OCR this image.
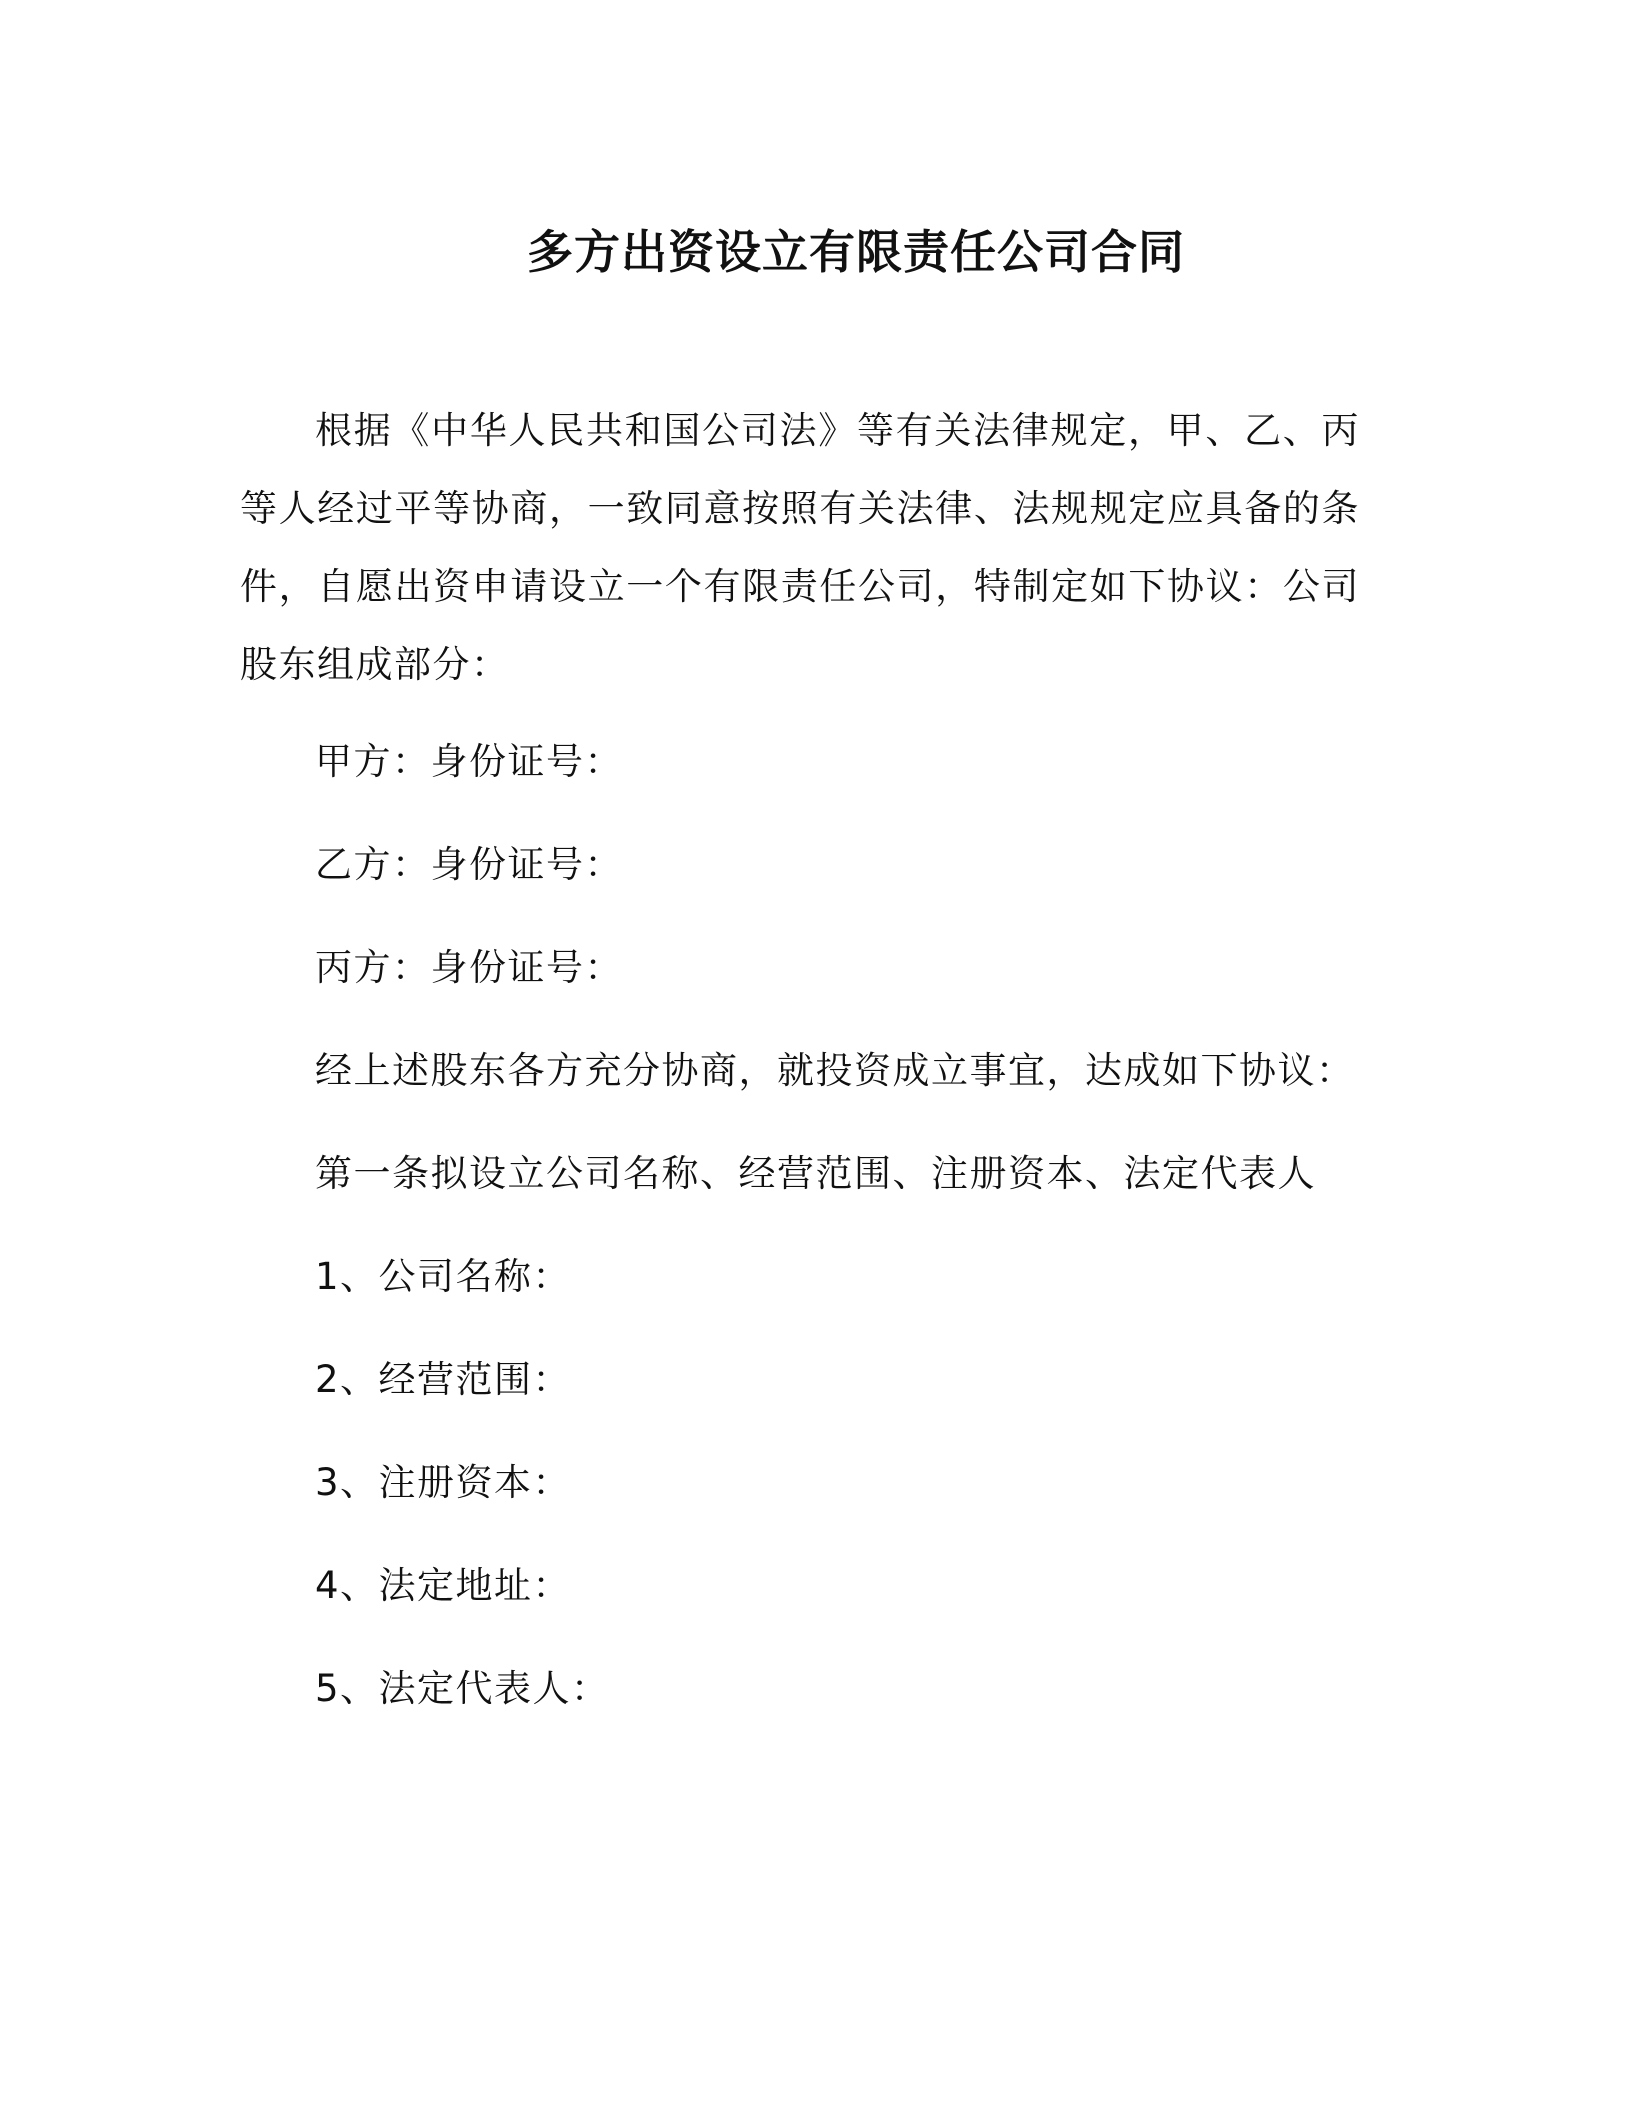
多方出资设立有限责任公司合同
根据《中华人民共和国公司法》等有关法律规定，甲、乙、丙等人经过平等协商，一致同意按照有关法律、法规规定应具备的条件，自愿出资申请设立一个有限责任公司，特制定如下协议：公司股东组成部分：
甲方：身份证号：
乙方：身份证号：
丙方：身份证号：
经上述股东各方充分协商，就投资成立事宜，达成如下协议：
第一条拟设立公司名称、经营范围、注册资本、法定代表人
1、公司名称：
2、经营范围：
3、注册资本：
4、法定地址：
5、法定代表人：
